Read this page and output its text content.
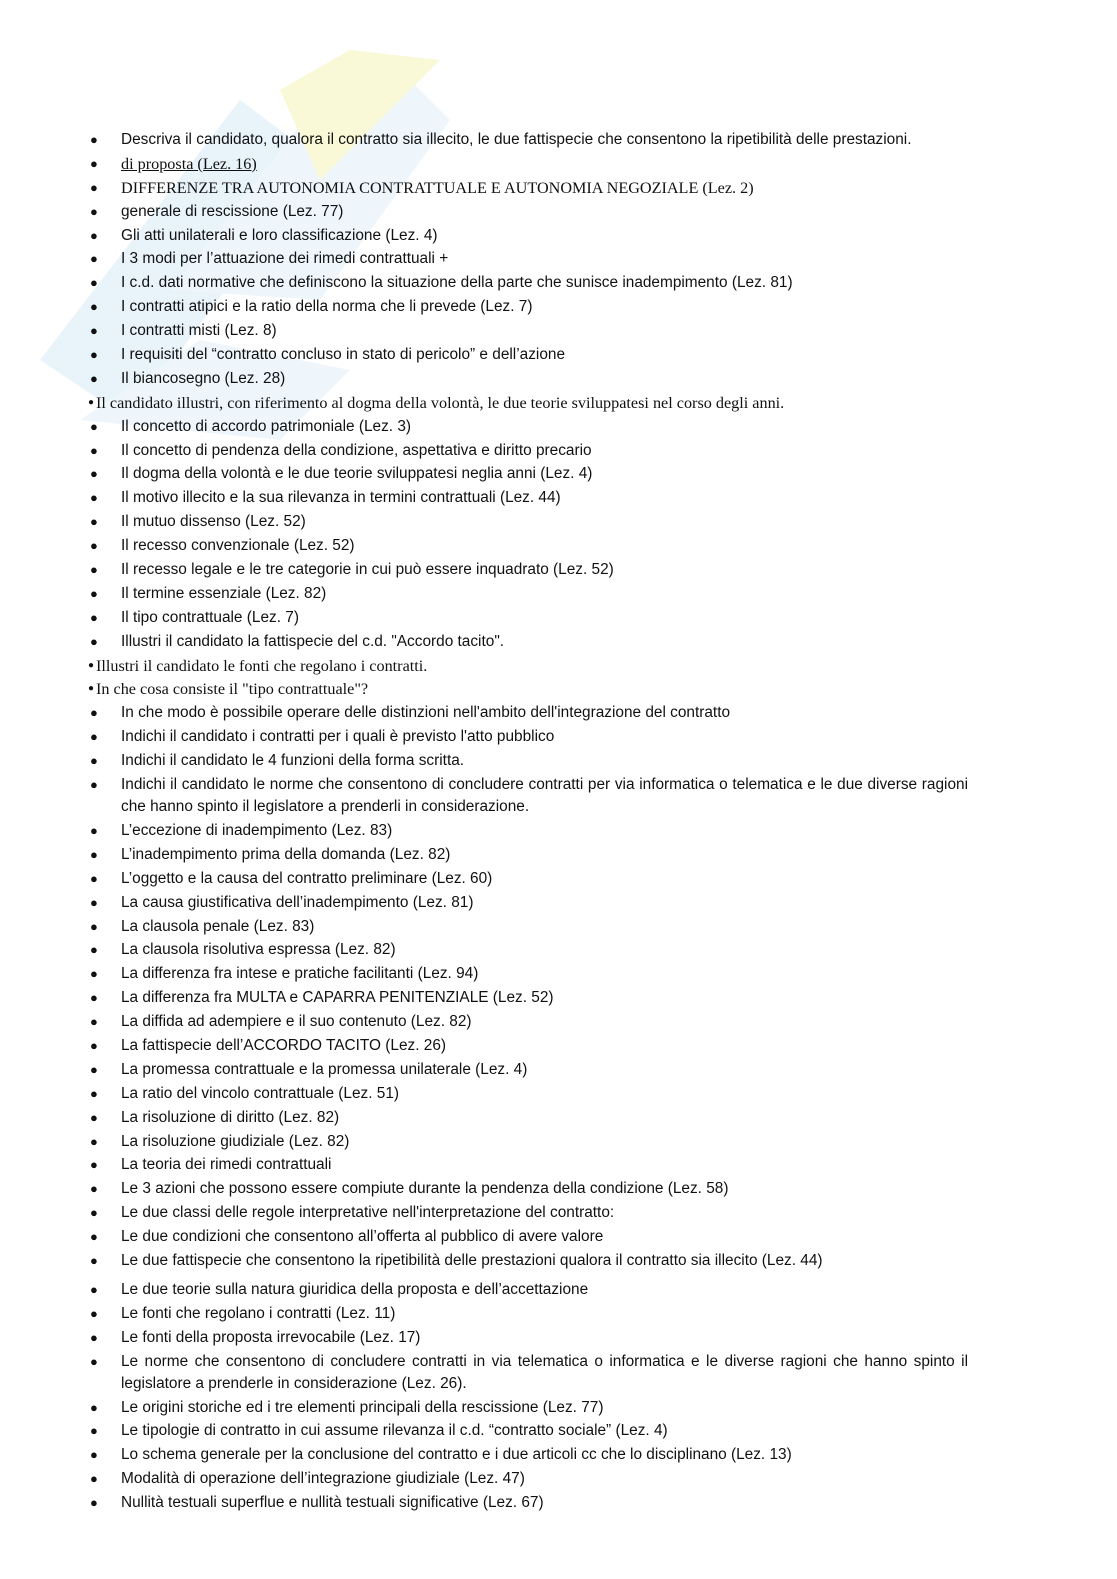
● Descriva il candidato, qualora il contratto sia illecito, le due fattispecie che consentono la ripetibilità delle prestazioni.
● di proposta (Lez. 16)
● DIFFERENZE TRA AUTONOMIA CONTRATTUALE E AUTONOMIA NEGOZIALE (Lez. 2)
● generale di rescissione (Lez. 77)
● Gli atti unilaterali e loro classificazione (Lez. 4)
● I 3 modi per l’attuazione dei rimedi contrattuali +
● I c.d. dati normative che definiscono la situazione della parte che sunisce inadempimento (Lez. 81)
● I contratti atipici e la ratio della norma che li prevede (Lez. 7)
● I contratti misti (Lez. 8)
● I requisiti del “contratto concluso in stato di pericolo” e dell’azione
● Il biancosegno (Lez. 28)
● Il candidato illustri, con riferimento al dogma della volontà, le due teorie sviluppatesi nel corso degli anni.
● Il concetto di accordo patrimoniale (Lez. 3)
● Il concetto di pendenza della condizione, aspettativa e diritto precario
● Il dogma della volontà e le due teorie sviluppatesi neglia anni (Lez. 4)
● Il motivo illecito e la sua rilevanza in termini contrattuali (Lez. 44)
● Il mutuo dissenso (Lez. 52)
● Il recesso convenzionale (Lez. 52)
● Il recesso legale e le tre categorie in cui può essere inquadrato (Lez. 52)
● Il termine essenziale (Lez. 82)
● Il tipo contrattuale (Lez. 7)
● Illustri il candidato la fattispecie del c.d. "Accordo tacito".
● Illustri il candidato le fonti che regolano i contratti.
● In che cosa consiste il "tipo contrattuale"?
● In che modo è possibile operare delle distinzioni nell'ambito dell'integrazione del contratto
● Indichi il candidato i contratti per i quali è previsto l'atto pubblico
● Indichi il candidato le 4 funzioni della forma scritta.
● Indichi il candidato le norme che consentono di concludere contratti per via informatica o telematica e le due diverse ragioni che hanno spinto il legislatore a prenderli in considerazione.
● L’eccezione di inadempimento (Lez. 83)
● L’inadempimento prima della domanda (Lez. 82)
● L’oggetto e la causa del contratto preliminare (Lez. 60)
● La causa giustificativa dell’inadempimento (Lez. 81)
● La clausola penale (Lez. 83)
● La clausola risolutiva espressa (Lez. 82)
● La differenza fra intese e pratiche facilitanti (Lez. 94)
● La differenza fra MULTA e CAPARRA PENITENZIALE (Lez. 52)
● La diffida ad adempiere e il suo contenuto (Lez. 82)
● La fattispecie dell’ACCORDO TACITO (Lez. 26)
● La promessa contrattuale e la promessa unilaterale (Lez. 4)
● La ratio del vincolo contrattuale (Lez. 51)
● La risoluzione di diritto (Lez. 82)
● La risoluzione giudiziale (Lez. 82)
● La teoria dei rimedi contrattuali
● Le 3 azioni che possono essere compiute durante la pendenza della condizione (Lez. 58)
● Le due classi delle regole interpretative nell'interpretazione del contratto:
● Le due condizioni che consentono all’offerta al pubblico di avere valore
● Le due fattispecie che consentono la ripetibilità delle prestazioni qualora il contratto sia illecito (Lez. 44)
● Le due teorie sulla natura giuridica della proposta e dell’accettazione
● Le fonti che regolano i contratti (Lez. 11)
● Le fonti della proposta irrevocabile (Lez. 17)
● Le norme che consentono di concludere contratti in via telematica o informatica e le diverse ragioni che hanno spinto il legislatore a prenderle in considerazione (Lez. 26).
● Le origini storiche ed i tre elementi principali della rescissione (Lez. 77)
● Le tipologie di contratto in cui assume rilevanza il c.d. “contratto sociale” (Lez. 4)
● Lo schema generale per la conclusione del contratto e i due articoli cc che lo disciplinano (Lez. 13)
● Modalità di operazione dell’integrazione giudiziale (Lez. 47)
● Nullità testuali superflue e nullità testuali significative (Lez. 67)
